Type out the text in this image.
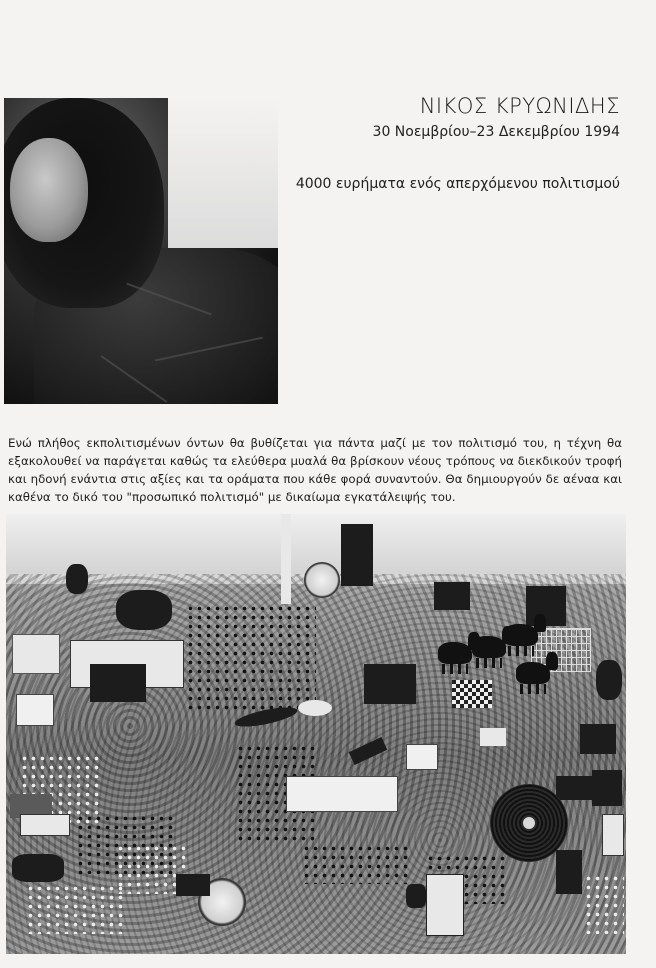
ΝΙΚΟΣ ΚΡΥΩΝΙΔΗΣ
30 Νοεμβρίου–23 Δεκεμβρίου 1994
4000 ευρήματα ενός απερχόμενου πολιτισμού

Ενώ πλήθος εκπολιτισμένων όντων θα βυθίζεται για πάντα μαζί με τον πολιτισμό του, η τέχνη θα εξακολουθεί να παράγεται καθώς τα ελεύθερα μυαλά θα βρίσκουν νέους τρόπους να διεκδικούν τροφή και ηδονή ενάντια στις αξίες και τα οράματα που κάθε φορά συναντούν. Θα δημιουργούν δε αέναα και καθένα το δικό του "προσωπικό πολιτισμό" με δικαίωμα εγκατάλειψής του.
